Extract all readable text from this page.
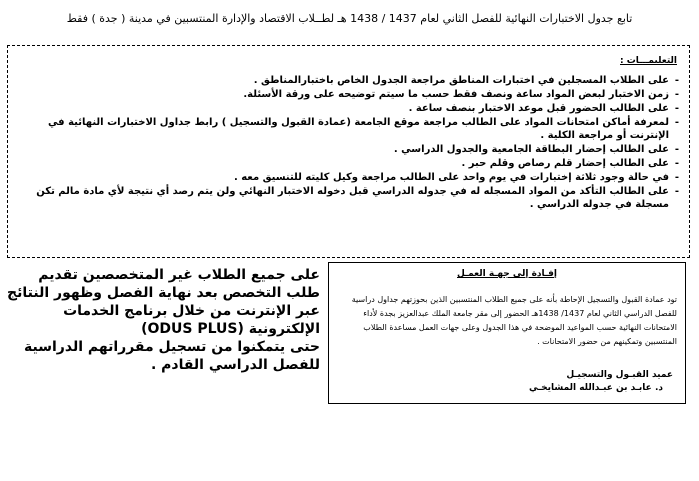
تابع جدول الاختبارات النهائية للفصل الثاني لعام 1437 / 1438 هـ لطــلاب الاقتصاد والإدارة المنتسبين في مدينة ( جدة ) فقط
التعليمـــات :
- على الطلاب المسجلين في اختبارات المناطق مراجعة الجدول الخاص باختبارالمناطق .
- زمن الاختبار لبعض المواد ساعة ونصف فقط حسب ما سيتم توضيحه على ورقة الأسئلة.
- على الطالب الحضور قبل موعد الاختبار بنصف ساعة .
- لمعرفة أماكن امتحانات المواد على الطالب مراجعة موقع الجامعة (عمادة القبول والتسجيل ) رابط جداول الاختبارات النهائية في الإنترنت أو مراجعة الكلية .
- على الطالب إحضار البطاقة الجامعية والجدول الدراسي .
- على الطالب إحضار قلم رصاص وقلم حبر .
- في حالة وجود ثلاثة إختبارات في يوم واحد على الطالب مراجعة وكيل كليته للتنسيق معه .
- على الطالب التأكد من المواد المسجله له في جدوله الدراسي قبل دخوله الاختبار النهائي ولن يتم رصد أي نتيجة لأي مادة مالم تكن مسجلة في جدوله الدراسي .
إفـادة إلى جهـة العمـل

تود عمادة القبول والتسجيل الإحاطة بأنه على جميع الطلاب المنتسبين الذين بحوزتهم جداول دراسية للفصل الدراسي الثاني لعام 1437/ 1438هـ الحضور إلى مقر جامعة الملك عبدالعزيز بجدة لأداء الامتحانات النهائية حسب المواعيد الموضحة في هذا الجدول وعلى جهات العمل مساعدة الطلاب المنتسبين وتمكينهم من حضور الامتحانات .

عميد القبـول والتسجيـل
د. عابـد بن عبـدالله المشايخـي
على جميع الطلاب غير المتخصصين تقديم
طلب التخصص بعد نهاية الفصل وظهور النتائج
عبر الإنترنت من خلال برنامج الخدمات
الإلكترونية (ODUS PLUS)
حتى يتمكنوا من تسجيل مقرراتهم الدراسية
للفصل الدراسي القادم .
